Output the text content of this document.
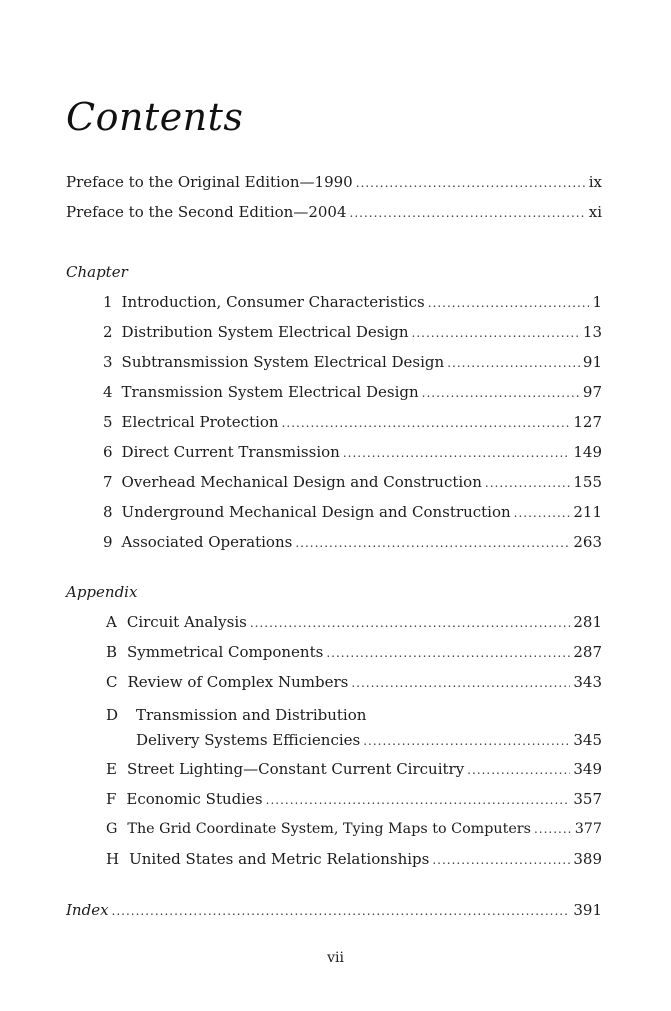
Contents
Preface to the Original Edition—1990 .....	ix
Preface to the Second Edition—2004 .....	xi
Chapter
1 Introduction, Consumer Characteristics .....	1
2 Distribution System Electrical Design .....	13
3 Subtransmission System Electrical Design .....	91
4 Transmission System Electrical Design .....	97
5 Electrical Protection .....	127
6 Direct Current Transmission .....	149
7 Overhead Mechanical Design and Construction .....	155
8 Underground Mechanical Design and Construction .....	211
9 Associated Operations .....	263
Appendix
A Circuit Analysis .....	281
B Symmetrical Components .....	287
C Review of Complex Numbers .....	343
D Transmission and Distribution
Delivery Systems Efficiencies .....	345
E Street Lighting—Constant Current Circuitry .....	349
F Economic Studies .....	357
G The Grid Coordinate System, Tying Maps to Computers .....	377
H United States and Metric Relationships .....	389
Index .....	391
vii
